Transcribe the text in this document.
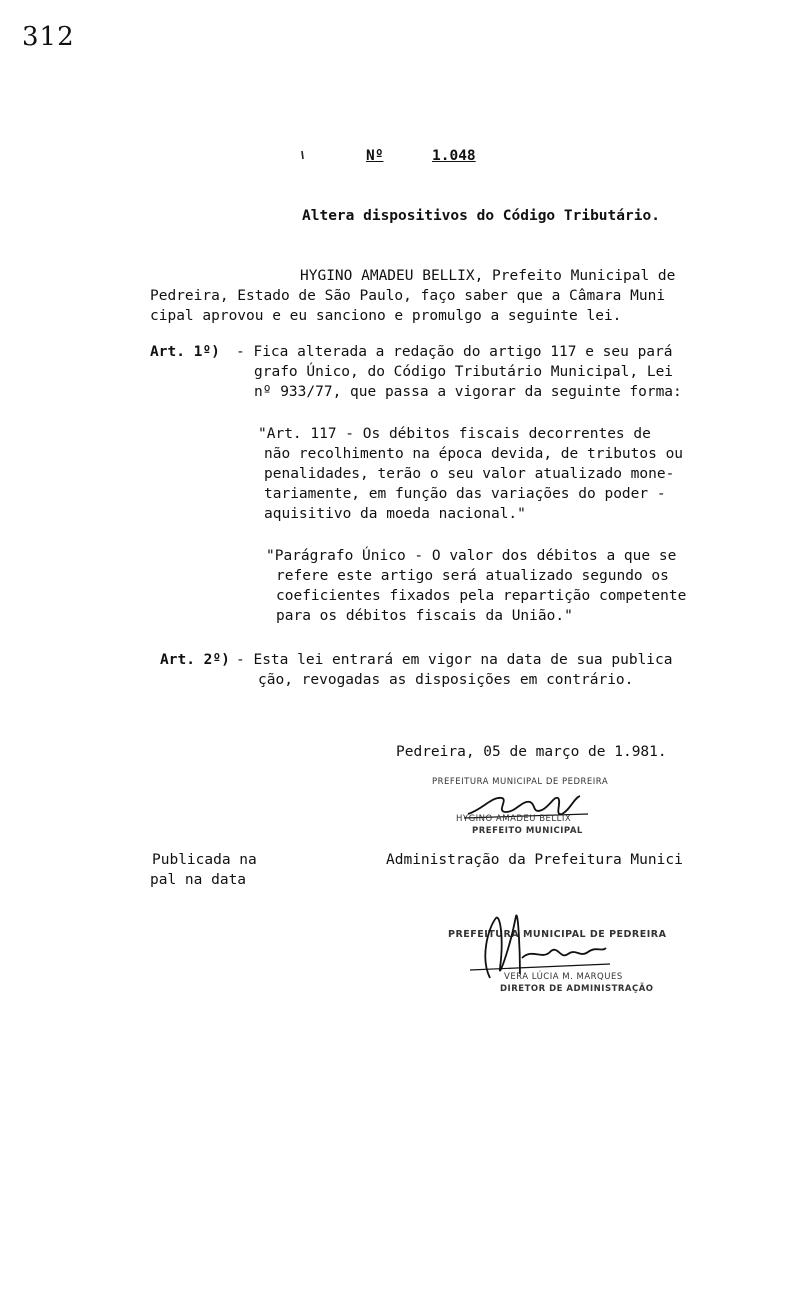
312
Nº	1.048
Altera dispositivos do Código Tributário.
HYGINO AMADEU BELLIX, Prefeito Municipal de
Pedreira, Estado de São Paulo, faço saber que a Câmara Muni
cipal aprovou e eu sanciono e promulgo a seguinte lei.
Art. 1º) - Fica alterada a redação do artigo 117 e seu pará
grafo Único, do Código Tributário Municipal, Lei
nº 933/77, que passa a vigorar da seguinte forma:
"Art. 117 - Os débitos fiscais decorrentes de
não recolhimento na época devida, de tributos ou
penalidades, terão o seu valor atualizado mone-
tariamente, em função das variações do poder -
aquisitivo da moeda nacional."
"Parágrafo Único - O valor dos débitos a que se
refere este artigo será atualizado segundo os
coeficientes fixados pela repartição competente
para os débitos fiscais da União."
Art. 2º) - Esta lei entrará em vigor na data de sua publica
ção, revogadas as disposições em contrário.
Pedreira, 05 de março de 1.981.
PREFEITURA MUNICIPAL DE PEDREIRA
HYGINO AMADEU BELLIX
PREFEITO MUNICIPAL
Publicada na
pal na data
Administração da Prefeitura Munici
PREFEITURA MUNICIPAL DE PEDREIRA
VERA LÚCIA M. MARQUES
DIRETOR DE ADMINISTRAÇÃO
